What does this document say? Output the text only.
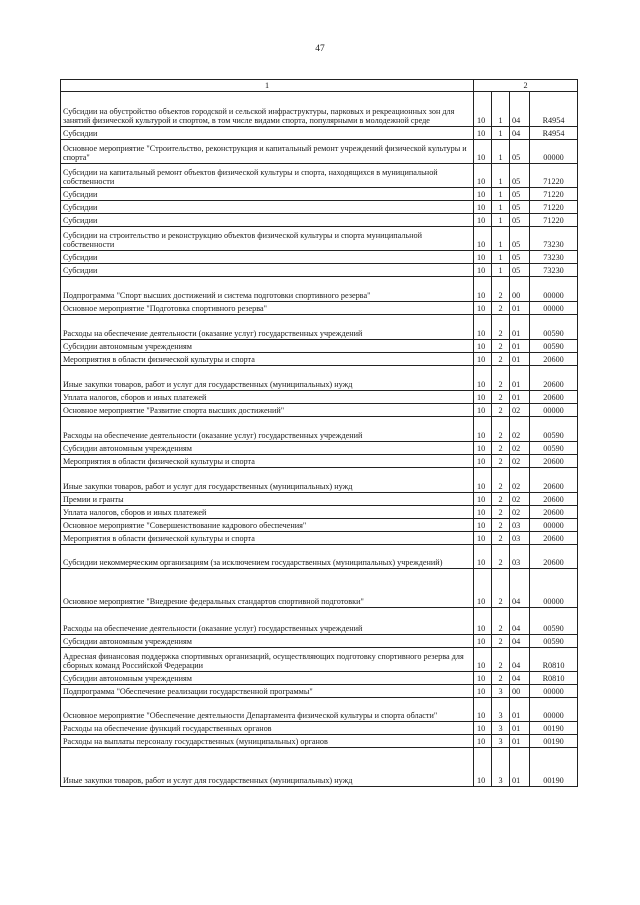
47
1	2			
Субсидии на обустройство объектов городской и сельской инфраструктуры, парковых и рекреационных зон для занятий физической культурой и спортом, в том числе видами спорта, популярными в молодежной среде	10	1	04	R4954
Субсидии	10	1	04	R4954
Основное мероприятие "Строительство, реконструкция и капитальный ремонт учреждений физической культуры и спорта"	10	1	05	00000
Субсидии на капитальный ремонт объектов физической культуры и спорта, находящихся в муниципальной собственности	10	1	05	71220
Субсидии	10	1	05	71220
Субсидии	10	1	05	71220
Субсидии	10	1	05	71220
Субсидии на строительство и реконструкцию объектов физической культуры и спорта муниципальной собственности	10	1	05	73230
Субсидии	10	1	05	73230
Субсидии	10	1	05	73230
Подпрограмма "Спорт высших достижений и система подготовки спортивного резерва"	10	2	00	00000
Основное мероприятие "Подготовка спортивного резерва"	10	2	01	00000
Расходы на обеспечение деятельности (оказание услуг) государственных учреждений	10	2	01	00590
Субсидии автономным учреждениям	10	2	01	00590
Мероприятия в области физической культуры и спорта	10	2	01	20600
Иные закупки товаров, работ и услуг для государственных (муниципальных) нужд	10	2	01	20600
Уплата налогов, сборов и иных платежей	10	2	01	20600
Основное мероприятие "Развитие спорта высших достижений"	10	2	02	00000
Расходы на обеспечение деятельности (оказание услуг) государственных учреждений	10	2	02	00590
Субсидии автономным учреждениям	10	2	02	00590
Мероприятия в области физической культуры и спорта	10	2	02	20600
Иные закупки товаров, работ и услуг для государственных (муниципальных) нужд	10	2	02	20600
Премии и гранты	10	2	02	20600
Уплата налогов, сборов и иных платежей	10	2	02	20600
Основное мероприятие "Совершенствование кадрового обеспечения"	10	2	03	00000
Мероприятия в области физической культуры и спорта	10	2	03	20600
Субсидии некоммерческим организациям (за исключением государственных (муниципальных) учреждений)	10	2	03	20600
Основное мероприятие "Внедрение федеральных стандартов спортивной подготовки"	10	2	04	00000
Расходы на обеспечение деятельности (оказание услуг) государственных учреждений	10	2	04	00590
Субсидии автономным учреждениям	10	2	04	00590
Адресная финансовая поддержка спортивных организаций, осуществляющих подготовку спортивного резерва для сборных команд Российской Федерации	10	2	04	R0810
Субсидии автономным учреждениям	10	2	04	R0810
Подпрограмма "Обеспечение реализации государственной программы"	10	3	00	00000
Основное мероприятие "Обеспечение деятельности Департамента физической культуры и спорта области"	10	3	01	00000
Расходы на обеспечение функций государственных органов	10	3	01	00190
Расходы на выплаты персоналу государственных (муниципальных) органов	10	3	01	00190
Иные закупки товаров, работ и услуг для государственных (муниципальных) нужд	10	3	01	00190
